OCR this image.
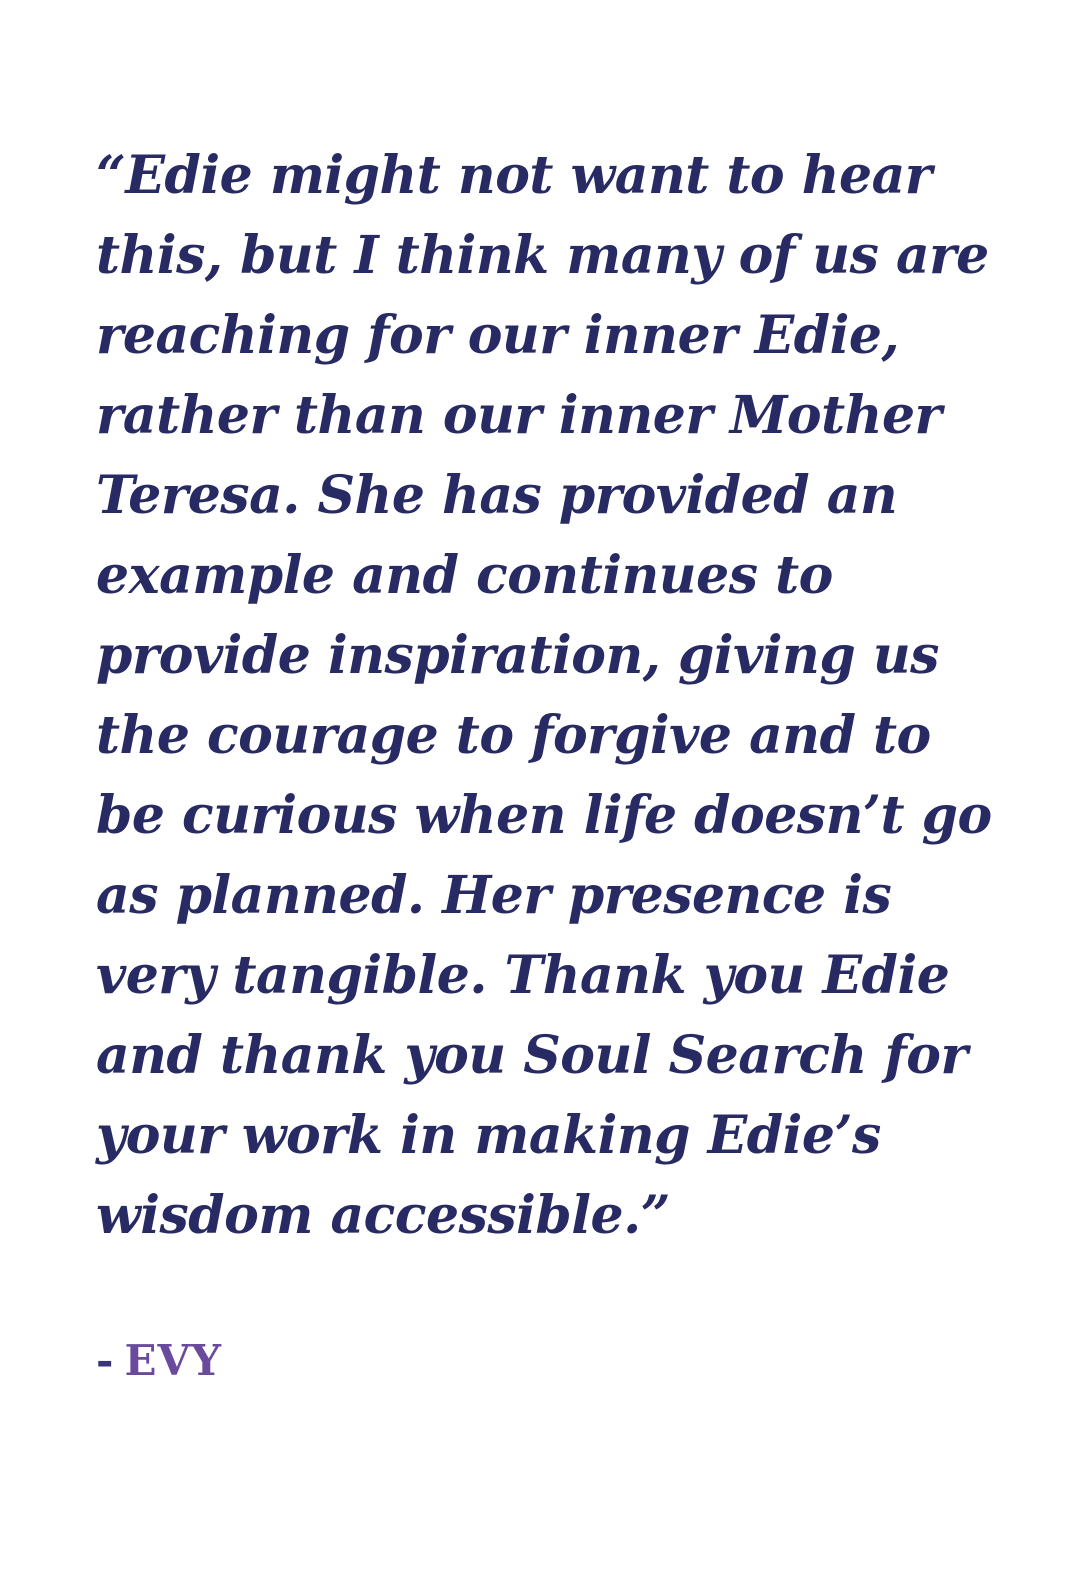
“Edie might not want to hear
this, but I think many of us are
reaching for our inner Edie,
rather than our inner Mother
Teresa. She has provided an
example and continues to
provide inspiration, giving us
the courage to forgive and to
be curious when life doesn’t go
as planned. Her presence is
very tangible. Thank you Edie
and thank you Soul Search for
your work in making Edie’s
wisdom accessible.”

- EVY
